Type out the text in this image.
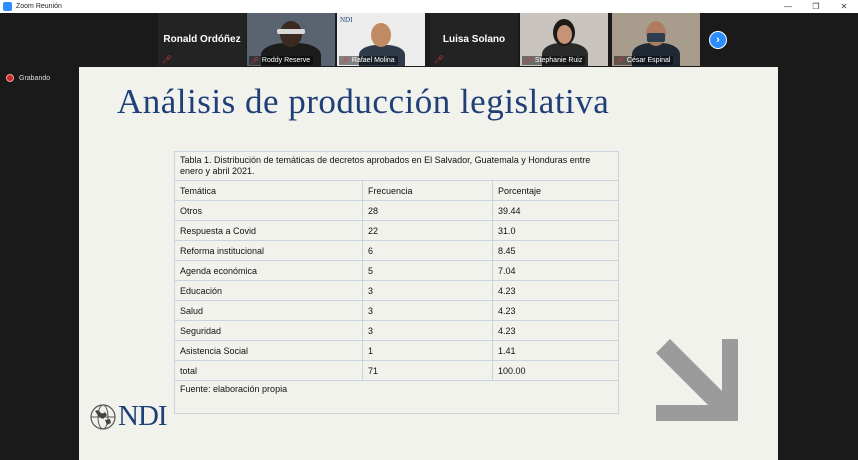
Zoom Reunión	—	❐	✕
Ronald Ordóñez
🎤︎	🎤︎ Roddy Reserve
NDI
🎤︎ Rafael Molina
Luisa Solano
🎤︎	🎤︎ Stephanie Ruiz	🎤︎ César Espinal
›
Grabando
Análisis de producción legislativa
Tabla 1. Distribución de temáticas de decretos aprobados en El Salvador, Guatemala y Honduras entre enero y abril 2021.		
Temática	Frecuencia	Porcentaje
Otros	28	39.44
Respuesta a Covid	22	31.0
Reforma institucional	6	8.45
Agenda económica	5	7.04
Educación	3	4.23
Salud	3	4.23
Seguridad	3	4.23
Asistencia Social	1	1.41
total	71	100.00
Fuente: elaboración propia		
NDI
